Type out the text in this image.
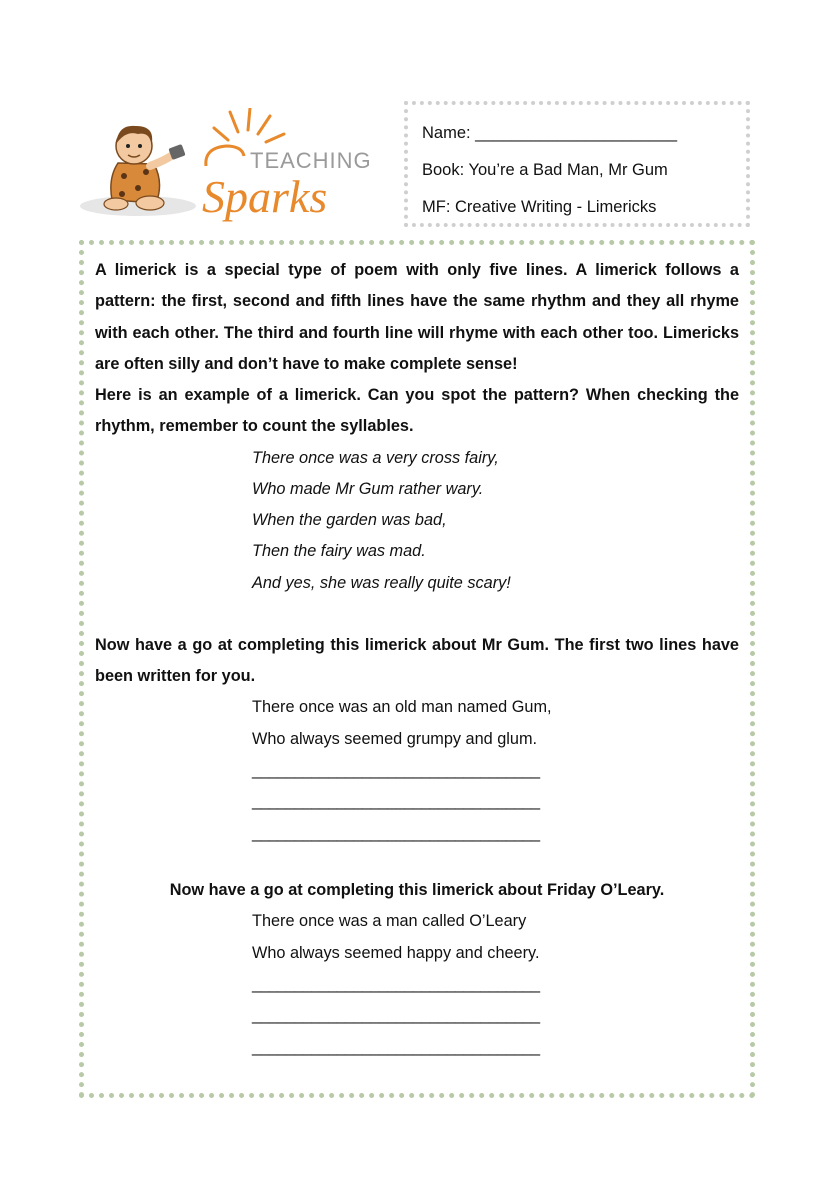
TEACHING
Sparks
Name: ______________________
Book: You’re a Bad Man, Mr Gum
MF: Creative Writing - Limericks

A limerick is a special type of poem with only five lines. A limerick follows a pattern: the first, second and fifth lines have the same rhythm and they all rhyme with each other. The third and fourth line will rhyme with each other too. Limericks are often silly and don’t have to make complete sense!

Here is an example of a limerick. Can you spot the pattern? When checking the rhythm, remember to count the syllables.

There once was a very cross fairy,
Who made Mr Gum rather wary.
When the garden was bad,
Then the fairy was mad.
And yes, she was really quite scary!

Now have a go at completing this limerick about Mr Gum. The first two lines have been written for you.

There once was an old man named Gum,
Who always seemed grumpy and glum.
__________________________________
__________________________________
__________________________________

Now have a go at completing this limerick about Friday O’Leary.

There once was a man called O’Leary
Who always seemed happy and cheery.
__________________________________
__________________________________
__________________________________
